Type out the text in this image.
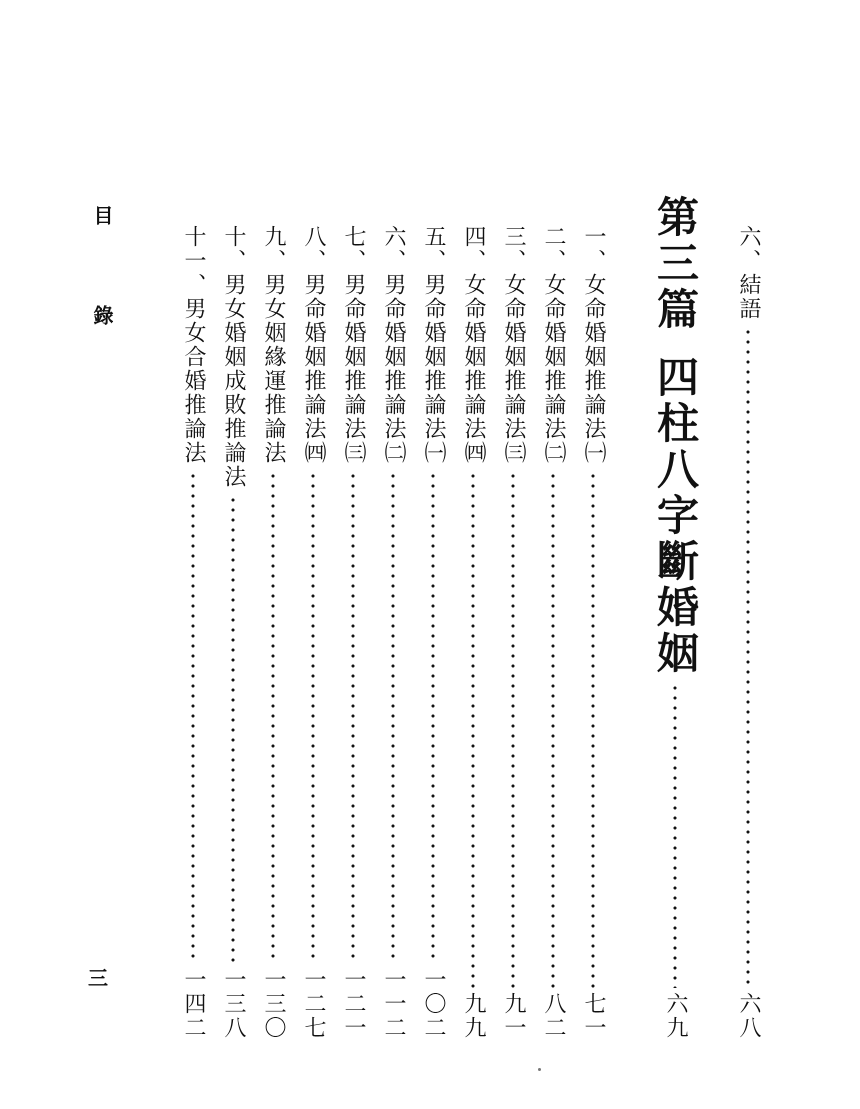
六、結語
六八
第三篇四柱八字斷婚姻
六九
一、女命婚姻推論法㈠
七一
二、女命婚姻推論法㈡
八二
三、女命婚姻推論法㈢
九一
四、女命婚姻推論法㈣
九九
五、男命婚姻推論法㈠
一〇二
六、男命婚姻推論法㈡
一一二
七、男命婚姻推論法㈢
一二一
八、男命婚姻推論法㈣
一二七
九、男女姻緣運推論法
一三〇
十、男女婚姻成敗推論法
一三八
十一、男女合婚推論法
一四二
目 錄
三
